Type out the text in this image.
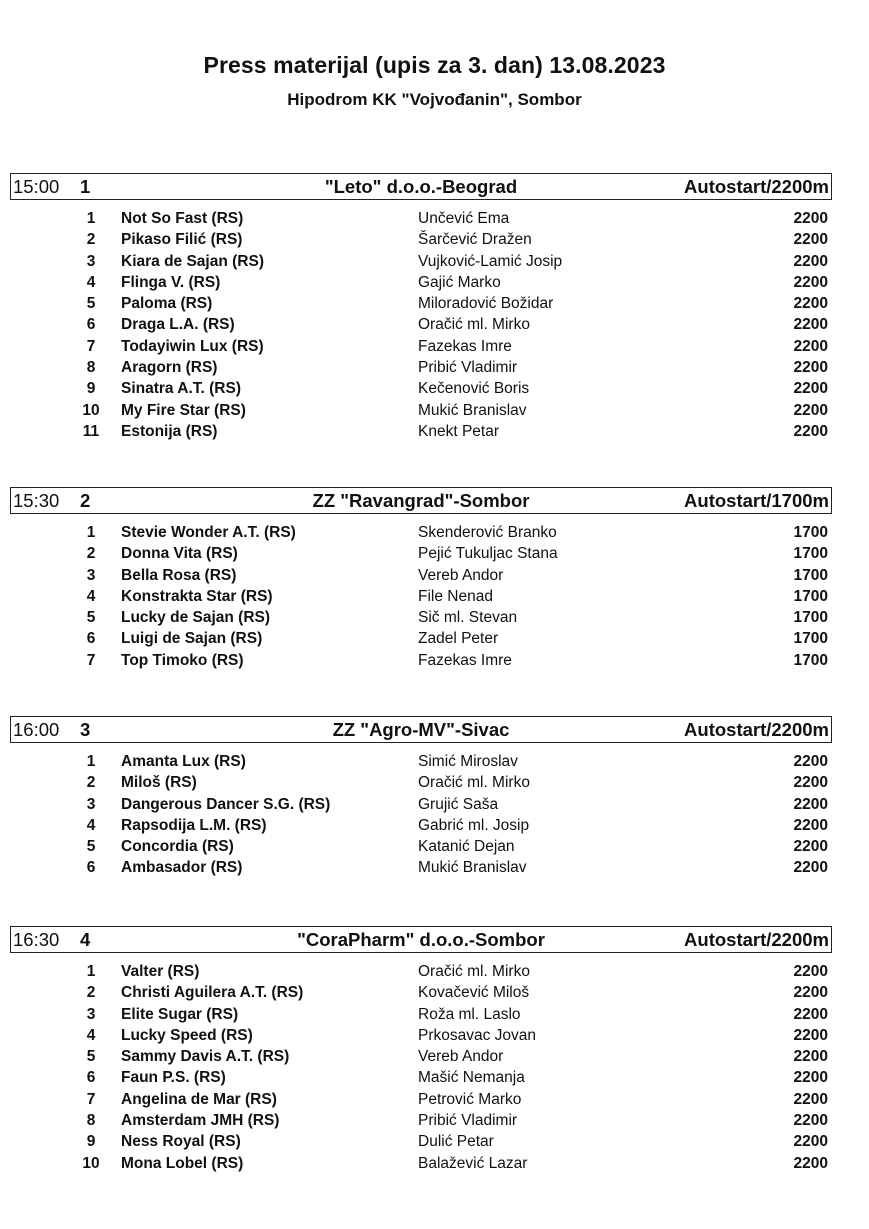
Press materijal (upis za 3. dan) 13.08.2023
Hipodrom KK "Vojvođanin", Sombor
15:00 1	"Leto" d.o.o.-Beograd	Autostart/2200m
1	Not So Fast (RS)	Unčević Ema	2200
2	Pikaso Filić (RS)	Šarčević Dražen	2200
3	Kiara de Sajan (RS)	Vujković-Lamić Josip	2200
4	Flinga V. (RS)	Gajić Marko	2200
5	Paloma (RS)	Miloradović Božidar	2200
6	Draga L.A. (RS)	Oračić ml. Mirko	2200
7	Todayiwin Lux (RS)	Fazekas Imre	2200
8	Aragorn (RS)	Pribić Vladimir	2200
9	Sinatra A.T. (RS)	Kečenović Boris	2200
10	My Fire Star (RS)	Mukić Branislav	2200
11	Estonija (RS)	Knekt Petar	2200
15:30 2	ZZ "Ravangrad"-Sombor	Autostart/1700m
1	Stevie Wonder A.T. (RS)	Skenderović Branko	1700
2	Donna Vita (RS)	Pejić Tukuljac Stana	1700
3	Bella Rosa (RS)	Vereb Andor	1700
4	Konstrakta Star (RS)	File Nenad	1700
5	Lucky de Sajan (RS)	Sič ml. Stevan	1700
6	Luigi de Sajan (RS)	Zadel Peter	1700
7	Top Timoko (RS)	Fazekas Imre	1700
16:00 3	ZZ "Agro-MV"-Sivac	Autostart/2200m
1	Amanta Lux (RS)	Simić Miroslav	2200
2	Miloš (RS)	Oračić ml. Mirko	2200
3	Dangerous Dancer S.G. (RS)	Grujić Saša	2200
4	Rapsodija L.M. (RS)	Gabrić ml. Josip	2200
5	Concordia (RS)	Katanić Dejan	2200
6	Ambasador (RS)	Mukić Branislav	2200
16:30 4	"CoraPharm" d.o.o.-Sombor	Autostart/2200m
1	Valter (RS)	Oračić ml. Mirko	2200
2	Christi Aguilera A.T. (RS)	Kovačević Miloš	2200
3	Elite Sugar (RS)	Roža ml. Laslo	2200
4	Lucky Speed (RS)	Prkosavac Jovan	2200
5	Sammy Davis A.T. (RS)	Vereb Andor	2200
6	Faun P.S. (RS)	Mašić Nemanja	2200
7	Angelina de Mar (RS)	Petrović Marko	2200
8	Amsterdam JMH (RS)	Pribić Vladimir	2200
9	Ness Royal (RS)	Dulić Petar	2200
10	Mona Lobel (RS)	Balažević Lazar	2200
